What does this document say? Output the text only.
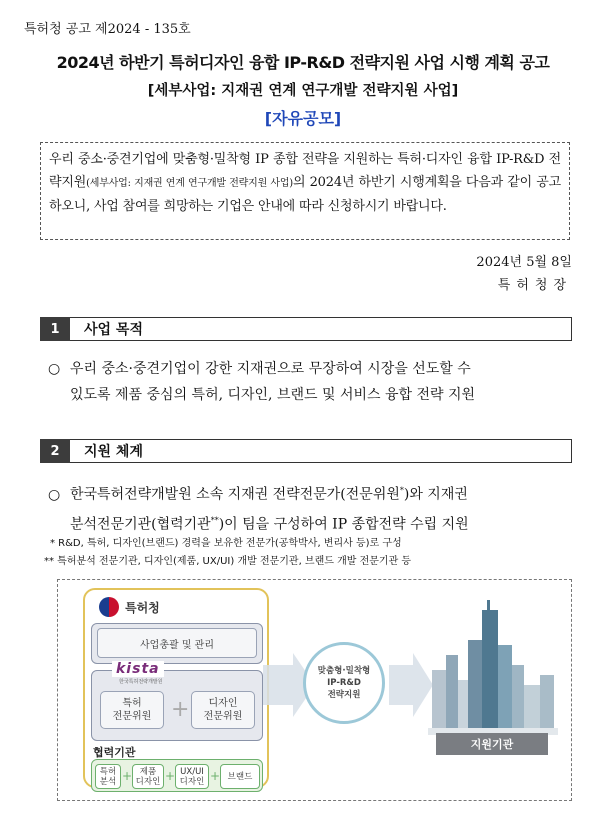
특허청 공고 제2024 - 135호
2024년 하반기 특허디자인 융합 IP-R&D 전략지원 사업 시행 계획 공고
[세부사업: 지재권 연계 연구개발 전략지원 사업]
[자유공모]
우리 중소·중견기업에 맞춤형·밀착형 IP 종합 전략을 지원하는 특허·디자인 융합 IP-R&D 전략지원(세부사업: 지재권 연계 연구개발 전략지원 사업)의 2024년 하반기 시행계획을 다음과 같이 공고하오니, 사업 참여를 희망하는 기업은 안내에 따라 신청하시기 바랍니다.
2024년 5월 8일
특허청장
1	사업 목적
○ 우리 중소·중견기업이 강한 지재권으로 무장하여 시장을 선도할 수
있도록 제품 중심의 특허, 디자인, 브랜드 및 서비스 융합 전략 지원
2	지원 체계
○ 한국특허전략개발원 소속 지재권 전략전문가(전문위원*)와 지재권
분석전문기관(협력기관**)이 팀을 구성하여 IP 종합전략 수립 지원
* R&D, 특허, 디자인(브랜드) 경력을 보유한 전문가(공학박사, 변리사 등)로 구성
** 특허분석 전문기관, 디자인(제품, UX/UI) 개발 전문기관, 브랜드 개발 전문기관 등
특허청
사업총괄 및 관리
kista
한국특허전략개발원
특허
전문위원 +	디자인
전문위원
협력기관
특허
분석 + 제품
디자인 + UX/UI
디자인 + 브랜드
맞춤형·밀착형
IP-R&D
전략지원
지원기관
